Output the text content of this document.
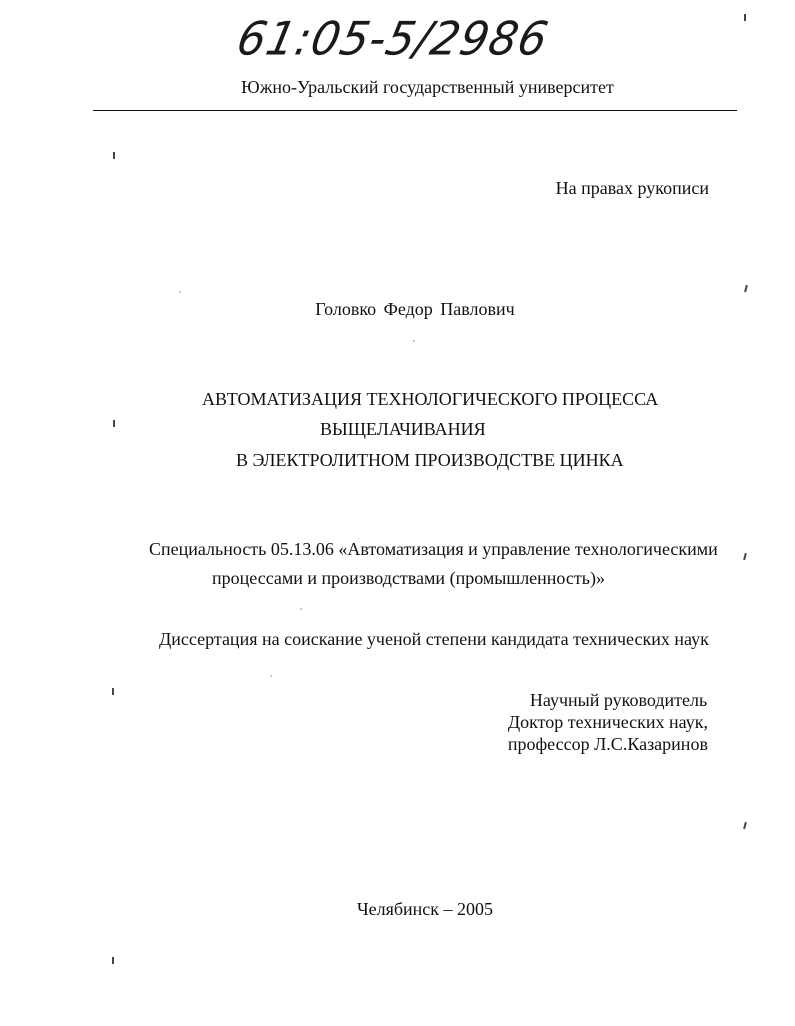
61:05-5/2986
Южно-Уральский государственный университет
На правах рукописи
Головко Федор Павлович
АВТОМАТИЗАЦИЯ ТЕХНОЛОГИЧЕСКОГО ПРОЦЕССА
ВЫЩЕЛАЧИВАНИЯ
В ЭЛЕКТРОЛИТНОМ ПРОИЗВОДСТВЕ ЦИНКА
Специальность 05.13.06 «Автоматизация и управление технологическими
процессами и производствами (промышленность)»
Диссертация на соискание ученой степени кандидата технических наук
Научный руководитель
Доктор технических наук,
профессор Л.С.Казаринов
Челябинск – 2005
